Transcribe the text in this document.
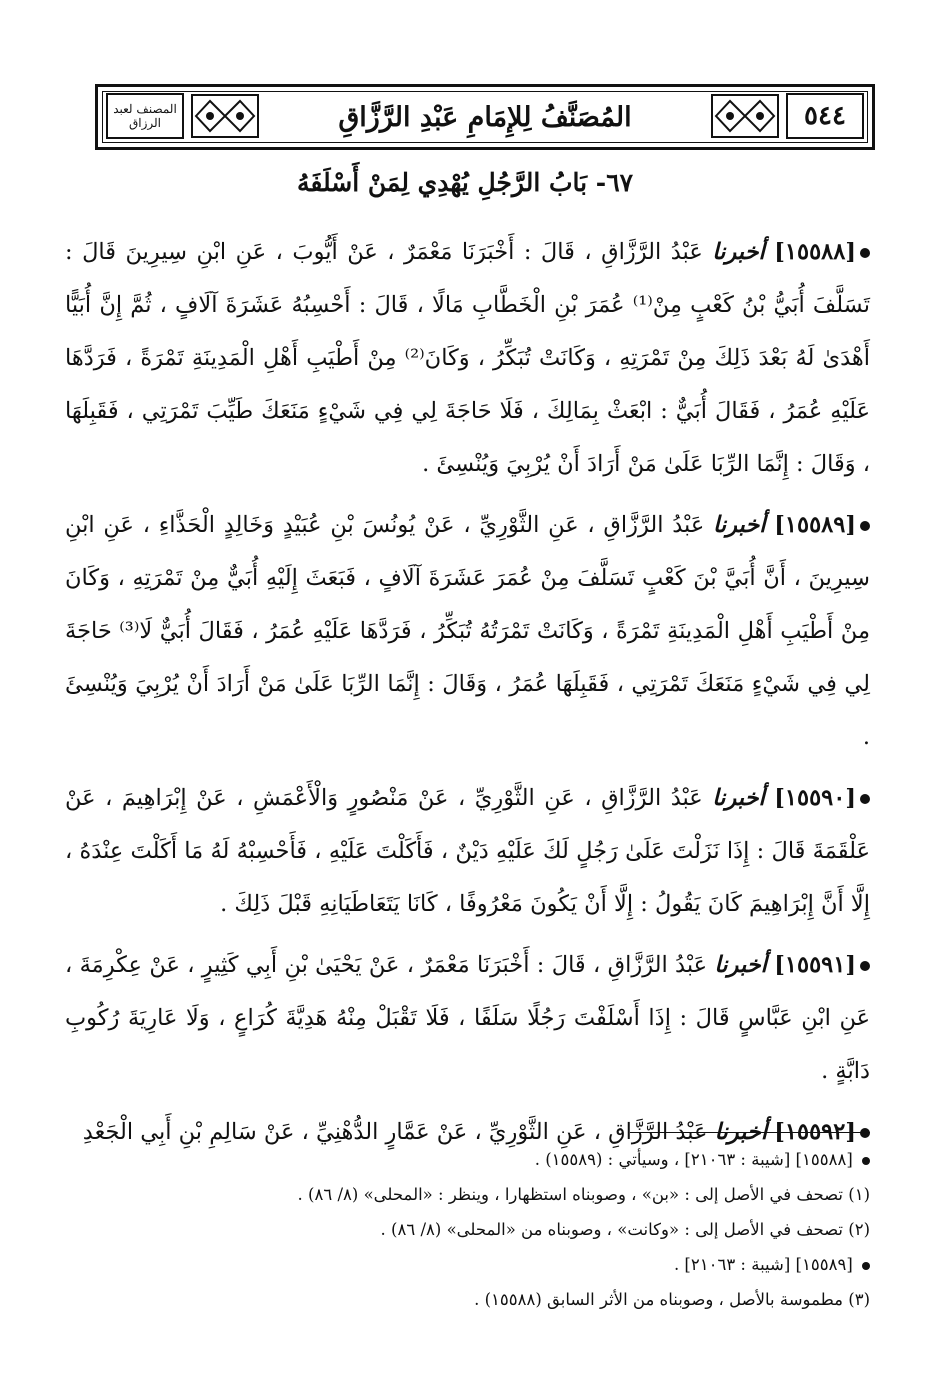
المصنف لعبد الرزاق	المُصَنَّفُ لِلإِمَامِ عَبْدِ الرَّزَّاقِ	٥٤٤
٦٧- بَابُ الرَّجُلِ يُهْدِي لِمَنْ أَسْلَفَهُ

[١٥٥٨٨] أخبرنا عَبْدُ الرَّزَّاقِ ، قَالَ : أَخْبَرَنَا مَعْمَرٌ ، عَنْ أَيُّوبَ ، عَنِ ابْنِ سِيرِينَ قَالَ : تَسَلَّفَ أُبَيُّ بْنُ كَعْبٍ مِنْ⁽¹⁾ عُمَرَ بْنِ الْخَطَّابِ مَالًا ، قَالَ : أَحْسِبُهُ عَشَرَةَ آلَافٍ ، ثُمَّ إِنَّ أُبَيًّا أَهْدَىٰ لَهُ بَعْدَ ذَلِكَ مِنْ تَمْرَتِهِ ، وَكَانَتْ تُبَكِّرُ ، وَكَانَ⁽²⁾ مِنْ أَطْيَبِ أَهْلِ الْمَدِينَةِ تَمْرَةً ، فَرَدَّهَا عَلَيْهِ عُمَرُ ، فَقَالَ أُبَيٌّ : ابْعَثْ بِمَالِكَ ، فَلَا حَاجَةَ لِي فِي شَيْءٍ مَنَعَكَ طَيِّبَ تَمْرَتِي ، فَقَبِلَهَا ، وَقَالَ : إِنَّمَا الرِّبَا عَلَىٰ مَنْ أَرَادَ أَنْ يُرْبِيَ وَيُنْسِئَ .

[١٥٥٨٩] أخبرنا عَبْدُ الرَّزَّاقِ ، عَنِ الثَّوْرِيِّ ، عَنْ يُونُسَ بْنِ عُبَيْدٍ وَخَالِدٍ الْحَذَّاءِ ، عَنِ ابْنِ سِيرِينَ ، أَنَّ أُبَيَّ بْنَ كَعْبٍ تَسَلَّفَ مِنْ عُمَرَ عَشَرَةَ آلَافٍ ، فَبَعَثَ إِلَيْهِ أُبَيٌّ مِنْ تَمْرَتِهِ ، وَكَانَ مِنْ أَطْيَبِ أَهْلِ الْمَدِينَةِ تَمْرَةً ، وَكَانَتْ تَمْرَتُهُ تُبَكِّرُ ، فَرَدَّهَا عَلَيْهِ عُمَرُ ، فَقَالَ أُبَيٌّ لَا⁽³⁾ حَاجَةَ لِي فِي شَيْءٍ مَنَعَكَ تَمْرَتِي ، فَقَبِلَهَا عُمَرُ ، وَقَالَ : إِنَّمَا الرِّبَا عَلَىٰ مَنْ أَرَادَ أَنْ يُرْبِيَ وَيُنْسِئَ .

[١٥٥٩٠] أخبرنا عَبْدُ الرَّزَّاقِ ، عَنِ الثَّوْرِيِّ ، عَنْ مَنْصُورٍ وَالْأَعْمَشِ ، عَنْ إِبْرَاهِيمَ ، عَنْ عَلْقَمَةَ قَالَ : إِذَا نَزَلْتَ عَلَىٰ رَجُلٍ لَكَ عَلَيْهِ دَيْنٌ ، فَأَكَلْتَ عَلَيْهِ ، فَأَحْسِبْهُ لَهُ مَا أَكَلْتَ عِنْدَهُ ، إِلَّا أَنَّ إِبْرَاهِيمَ كَانَ يَقُولُ : إِلَّا أَنْ يَكُونَ مَعْرُوفًا ، كَانَا يَتَعَاطَيَانِهِ قَبْلَ ذَلِكَ .

[١٥٥٩١] أخبرنا عَبْدُ الرَّزَّاقِ ، قَالَ : أَخْبَرَنَا مَعْمَرٌ ، عَنْ يَحْيَىٰ بْنِ أَبِي كَثِيرٍ ، عَنْ عِكْرِمَةَ ، عَنِ ابْنِ عَبَّاسٍ قَالَ : إِذَا أَسْلَفْتَ رَجُلًا سَلَفًا ، فَلَا تَقْبَلْ مِنْهُ هَدِيَّةَ كُرَاعٍ ، وَلَا عَارِيَةَ رُكُوبِ دَابَّةٍ .

[١٥٥٩٢] أخبرنا عَبْدُ الرَّزَّاقِ ، عَنِ الثَّوْرِيِّ ، عَنْ عَمَّارٍ الدُّهْنِيِّ ، عَنْ سَالِمِ بْنِ أَبِي الْجَعْدِ

[١٥٥٨٨] [شيبة : ٢١٠٦٣] ، وسيأتي : (١٥٥٨٩) .

(١) تصحف في الأصل إلى : «بن» ، وصوبناه استظهارا ، وينظر : «المحلى» (٨/ ٨٦) .

(٢) تصحف في الأصل إلى : «وكانت» ، وصوبناه من «المحلى» (٨/ ٨٦) .

[١٥٥٨٩] [شيبة : ٢١٠٦٣] .

(٣) مطموسة بالأصل ، وصوبناه من الأثر السابق (١٥٥٨٨) .
